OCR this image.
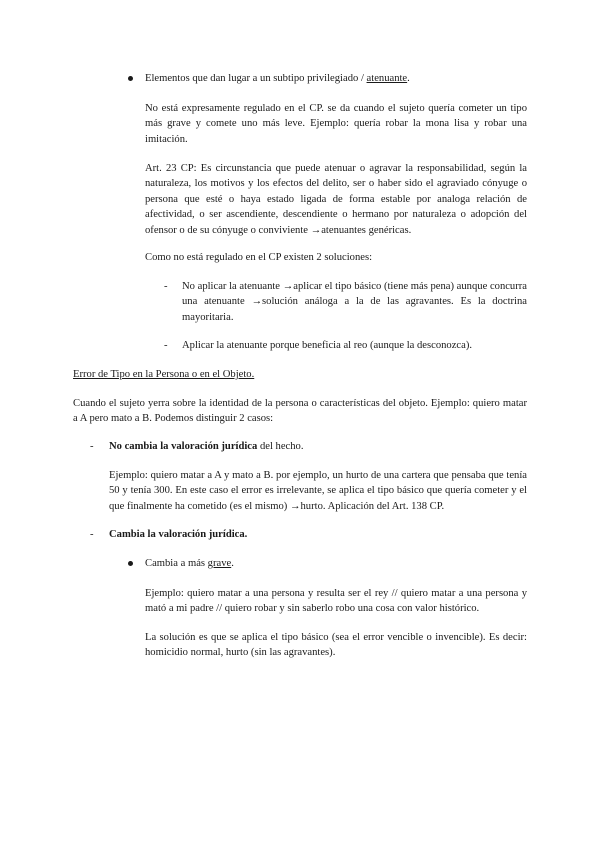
Elementos que dan lugar a un subtipo privilegiado / atenuante.

No está expresamente regulado en el CP. se da cuando el sujeto quería cometer un tipo más grave y comete uno más leve. Ejemplo: quería robar la mona lisa y robar una imitación.

Art. 23 CP: Es circunstancia que puede atenuar o agravar la responsabilidad, según la naturaleza, los motivos y los efectos del delito, ser o haber sido el agraviado cónyuge o persona que esté o haya estado ligada de forma estable por analoga relación de afectividad, o ser ascendiente, descendiente o hermano por naturaleza o adopción del ofensor o de su cónyuge o conviviente →atenuantes genéricas.

Como no está regulado en el CP existen 2 soluciones:

- No aplicar la atenuante →aplicar el tipo básico (tiene más pena) aunque concurra una atenuante →solución análoga a la de las agravantes. Es la doctrina mayoritaria.

- Aplicar la atenuante porque beneficia al reo (aunque la desconozca).

Error de Tipo en la Persona o en el Objeto.

Cuando el sujeto yerra sobre la identidad de la persona o características del objeto. Ejemplo: quiero matar a A pero mato a B. Podemos distinguir 2 casos:

- No cambia la valoración jurídica del hecho.

Ejemplo: quiero matar a A y mato a B. por ejemplo, un hurto de una cartera que pensaba que tenía 50 y tenía 300. En este caso el error es irrelevante, se aplica el tipo básico que quería cometer y el que finalmente ha cometido (es el mismo) →hurto. Aplicación del Art. 138 CP.

- Cambia la valoración jurídica.

Cambia a más grave.

Ejemplo: quiero matar a una persona y resulta ser el rey // quiero matar a una persona y mató a mi padre // quiero robar y sin saberlo robo una cosa con valor histórico.

La solución es que se aplica el tipo básico (sea el error vencible o invencible). Es decir: homicidio normal, hurto (sin las agravantes).
